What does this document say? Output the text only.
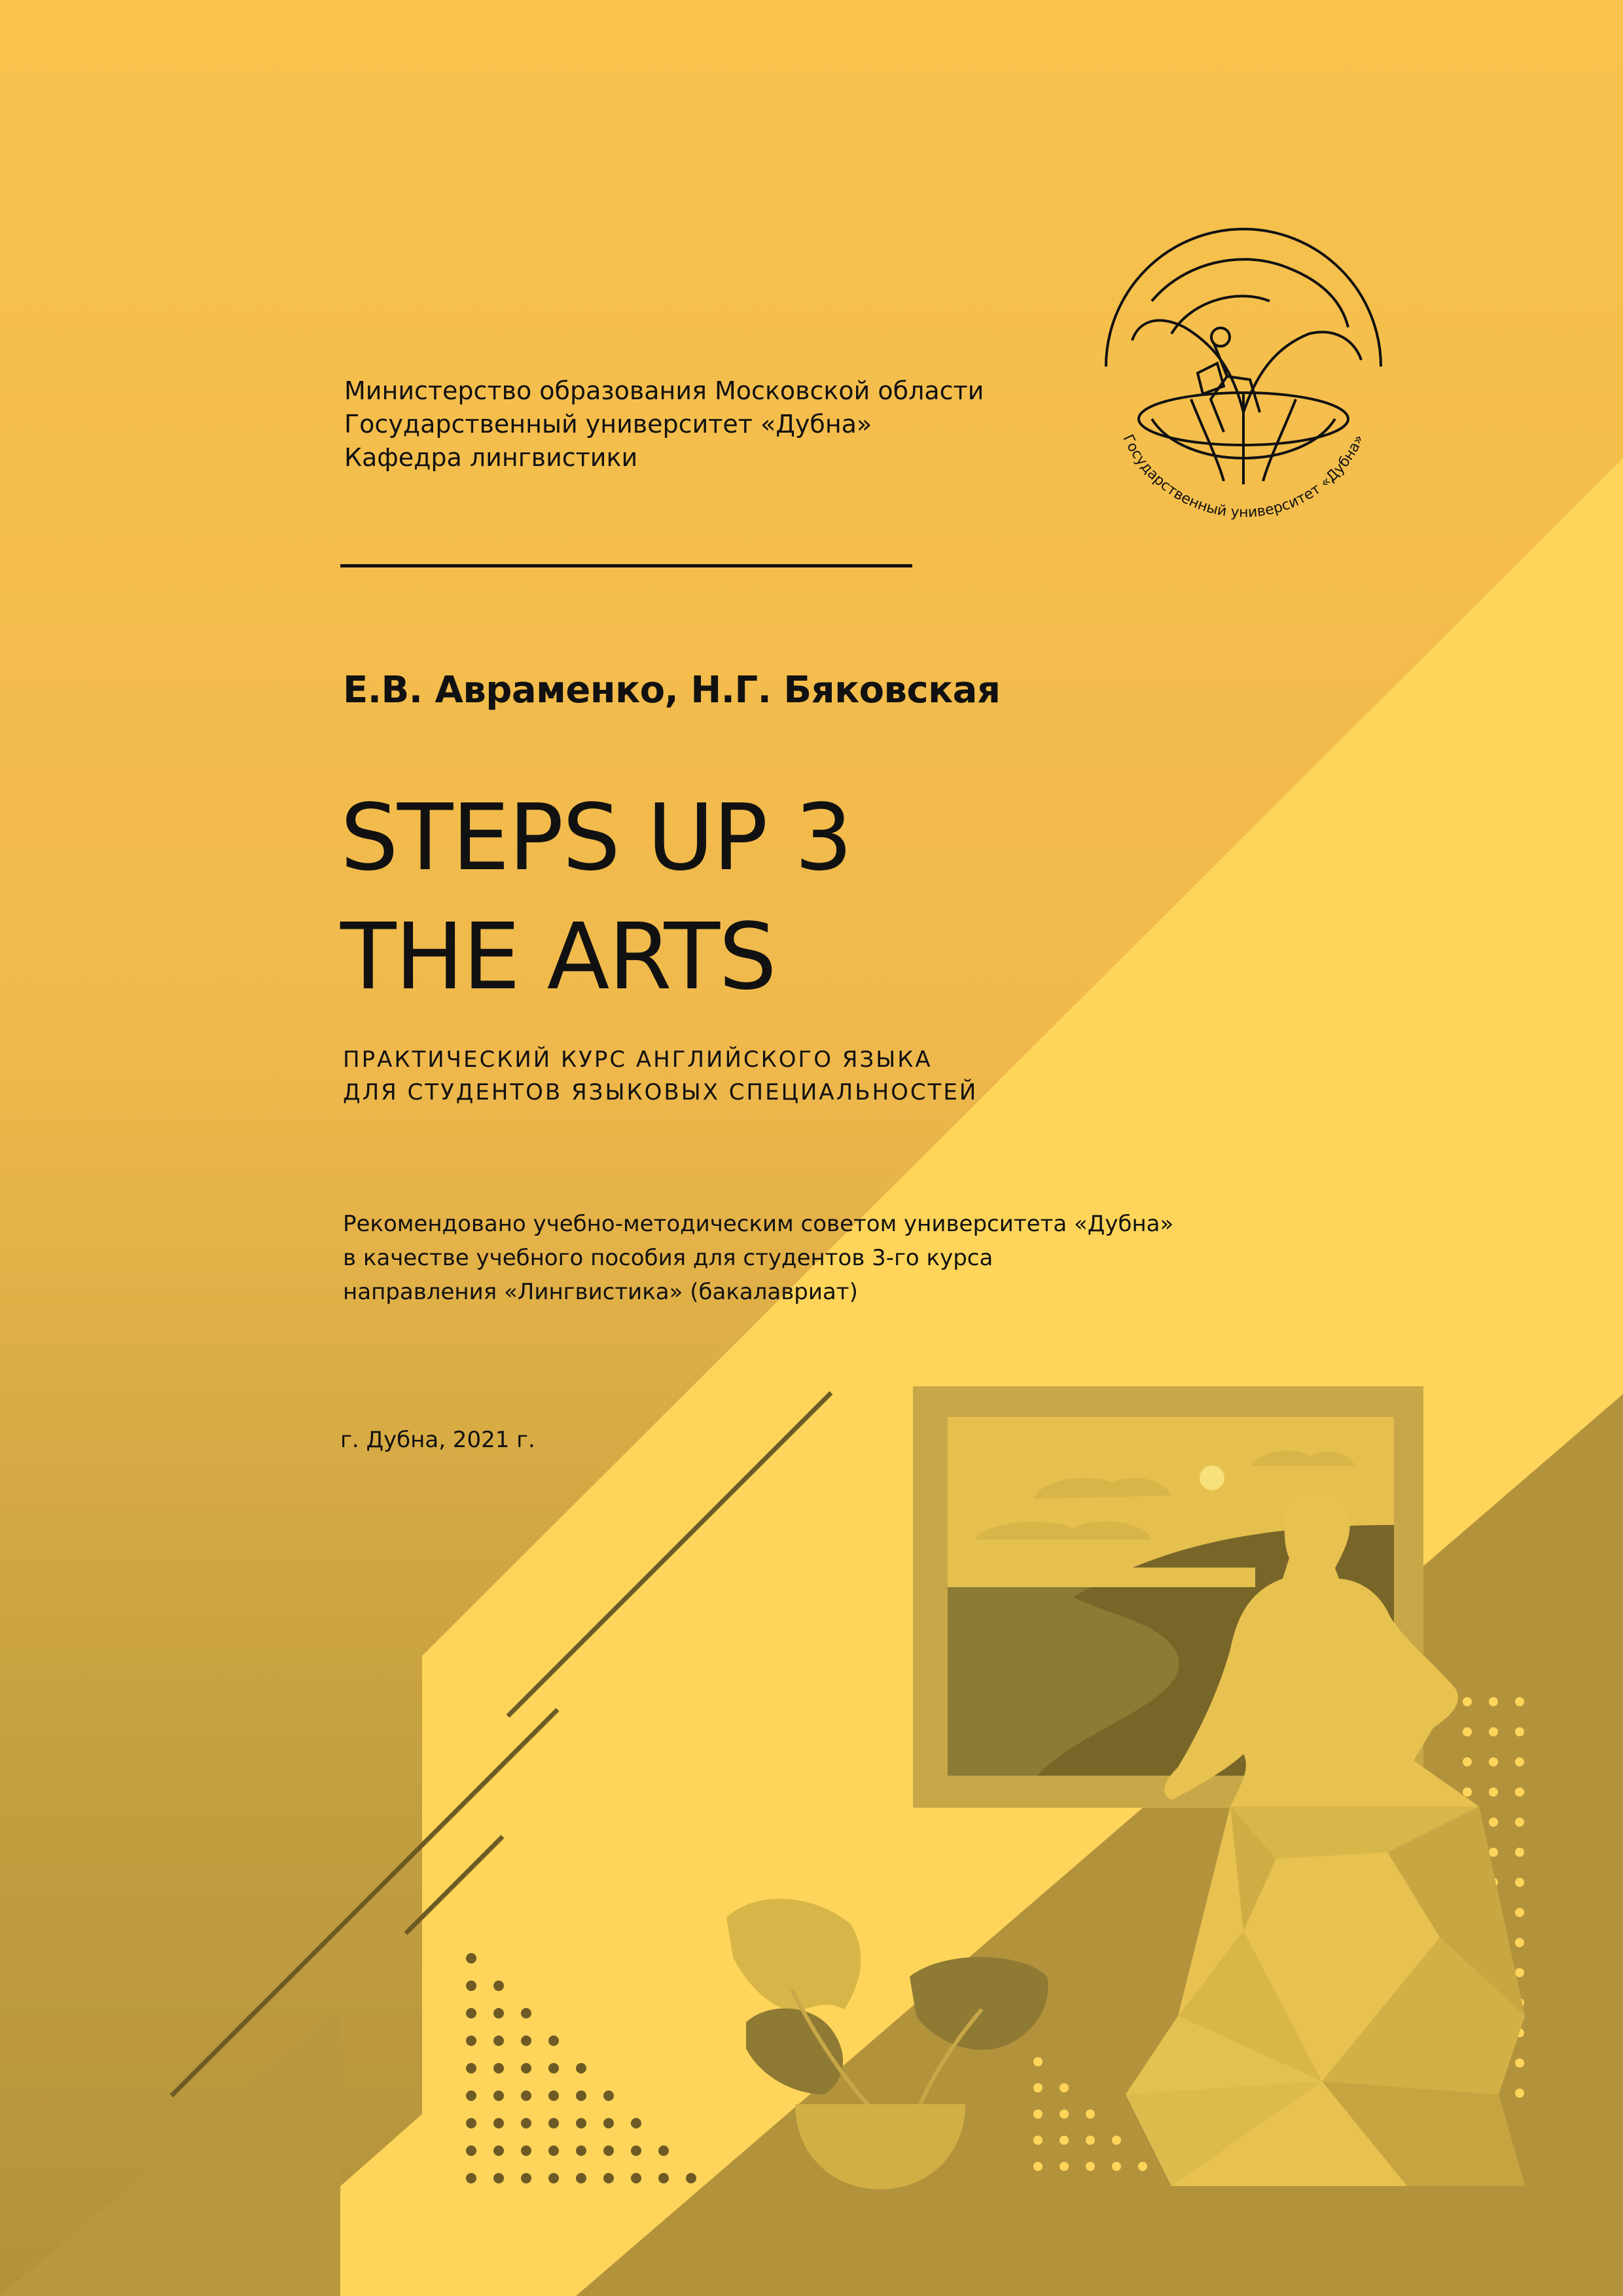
Министерство образования Московской области
Государственный университет «Дубна»
Кафедра лингвистики
Государственный университет «Дубна»
Е.В. Авраменко, Н.Г. Бяковская
STEPS UP 3
THE ARTS
ПРАКТИЧЕСКИЙ КУРС АНГЛИЙСКОГО ЯЗЫКА
ДЛЯ СТУДЕНТОВ ЯЗЫКОВЫХ СПЕЦИАЛЬНОСТЕЙ
Рекомендовано учебно-методическим советом университета «Дубна»
в качестве учебного пособия для студентов 3-го курса
направления «Лингвистика» (бакалавриат)
г. Дубна, 2021 г.
